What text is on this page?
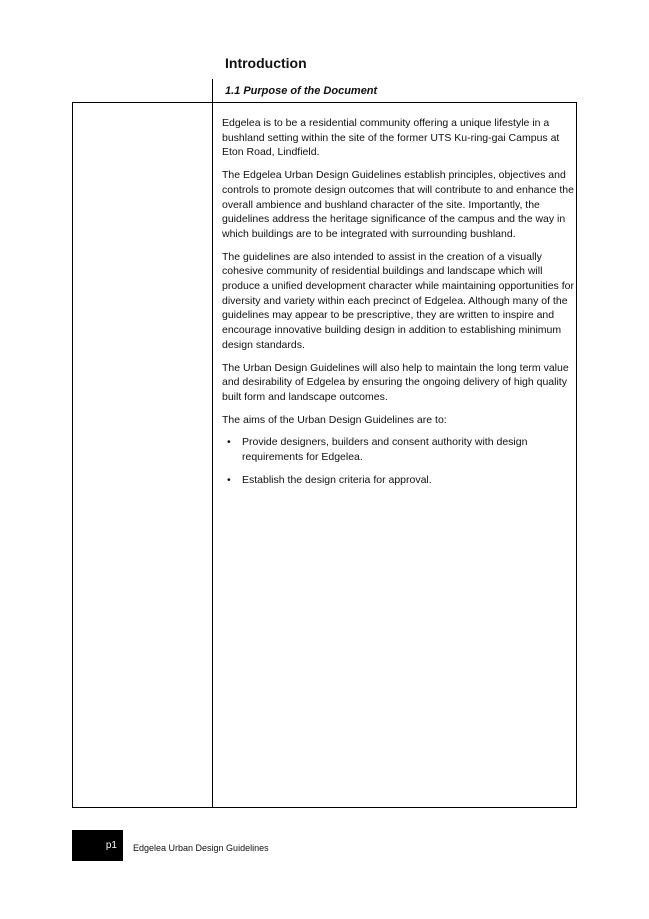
Introduction
1.1 Purpose of the Document

Edgelea is to be a residential community offering a unique lifestyle in a bushland setting within the site of the former UTS Ku-ring-gai Campus at Eton Road, Lindfield.

The Edgelea Urban Design Guidelines establish principles, objectives and controls to promote design outcomes that will contribute to and enhance the overall ambience and bushland character of the site. Importantly, the guidelines address the heritage significance of the campus and the way in which buildings are to be integrated with surrounding bushland.

The guidelines are also intended to assist in the creation of a visually cohesive community of residential buildings and landscape which will produce a unified development character while maintaining opportunities for diversity and variety within each precinct of Edgelea. Although many of the guidelines may appear to be prescriptive, they are written to inspire and encourage innovative building design in addition to establishing minimum design standards.

The Urban Design Guidelines will also help to maintain the long term value and desirability of Edgelea by ensuring the ongoing delivery of high quality built form and landscape outcomes.

The aims of the Urban Design Guidelines are to:

• Provide designers, builders and consent authority with design requirements for Edgelea.
• Establish the design criteria for approval.
p1	Edgelea Urban Design Guidelines
